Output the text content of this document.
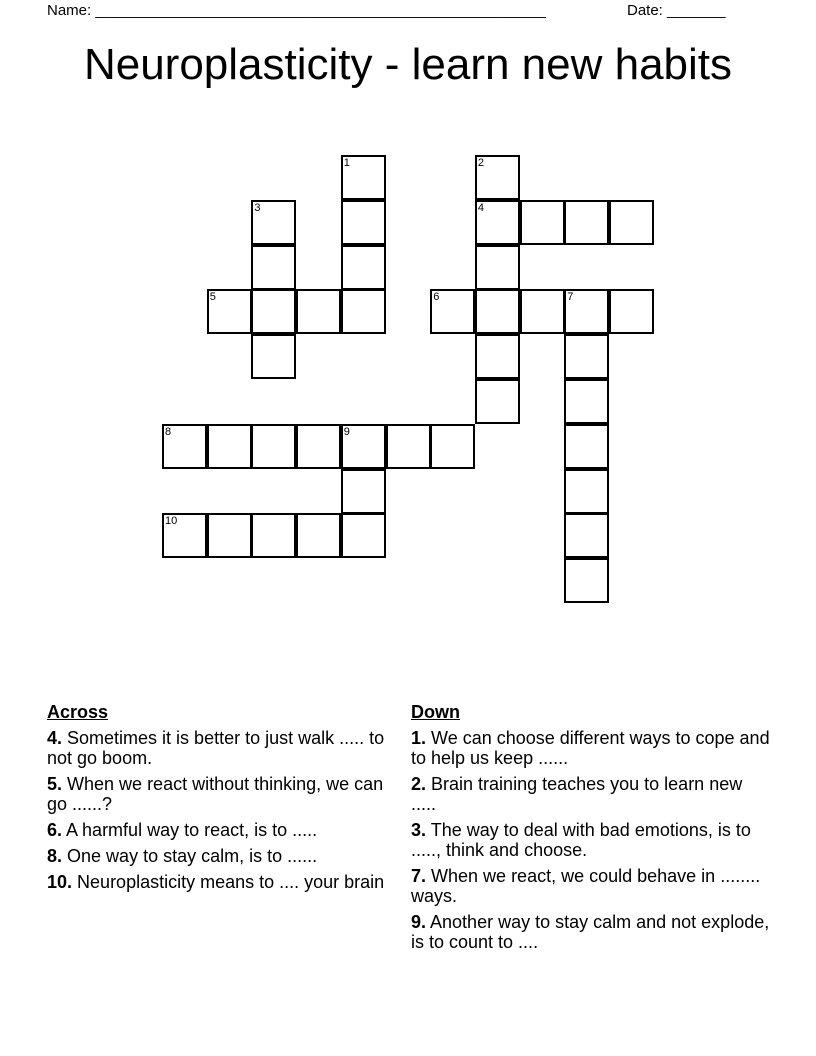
Name: ______________________________________________________	Date: _______
Neuroplasticity - learn new habits
1	2
4
3
5	6	7
8	9
10
Across
4. Sometimes it is better to just walk ..... to not go boom.
5. When we react without thinking, we can go ......?
6. A harmful way to react, is to .....
8. One way to stay calm, is to ......
10. Neuroplasticity means to .... your brain
Down
1. We can choose different ways to cope and to help us keep ......
2. Brain training teaches you to learn new .....
3. The way to deal with bad emotions, is to ....., think and choose.
7. When we react, we could behave in ........ ways.
9. Another way to stay calm and not explode, is to count to ....
